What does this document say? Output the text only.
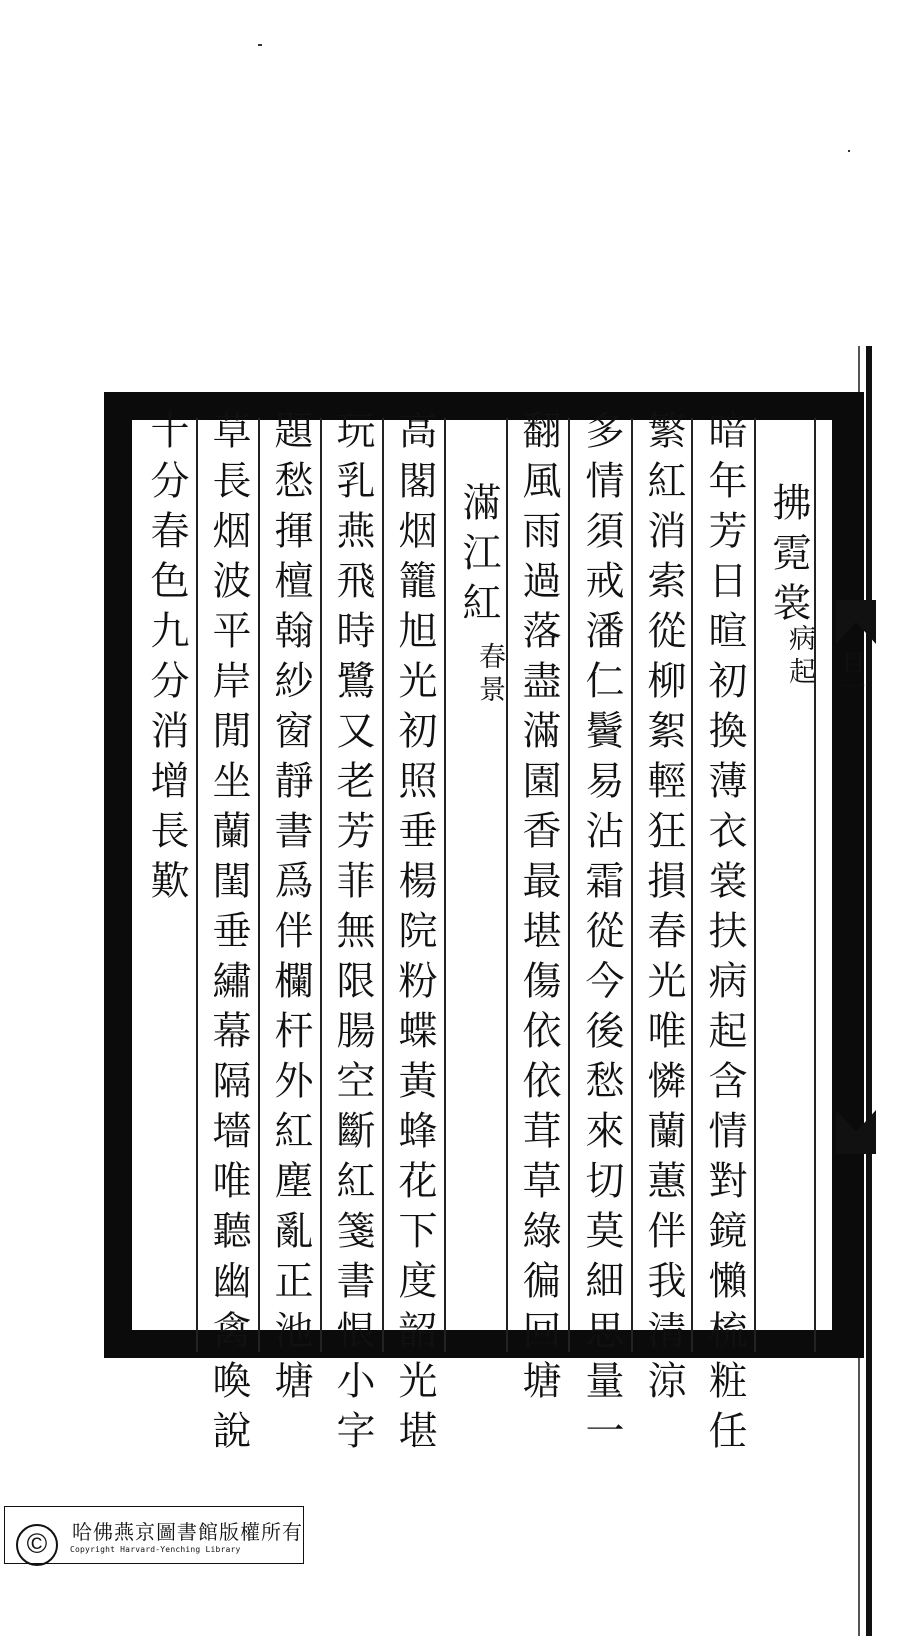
目一
拂霓裳
病起
暗年芳日暄初換薄衣裳扶病起含情對鏡懶梳粧任
繁紅消索從柳絮輕狂損春光唯憐蘭蕙伴我清涼
多情須戒潘仁鬢易沾霜從今後愁來切莫細思量一
翻風雨過落盡滿園香最堪傷依依茸草綠徧回塘
滿江紅
春景
高閣烟籠旭光初照垂楊院粉蝶黃蜂花下度韶光堪
玩乳燕飛時鷺又老芳菲無限腸空斷紅箋書恨小字
題愁揮檀翰
紗窗靜書爲伴欄杆外紅塵亂正池塘
草長烟波平岸閒坐蘭閨垂繡幕隔墻唯聽幽禽喚說
十分春色九分消增長歎
©	哈佛燕京圖書館版權所有
Copyright Harvard-Yenching Library
